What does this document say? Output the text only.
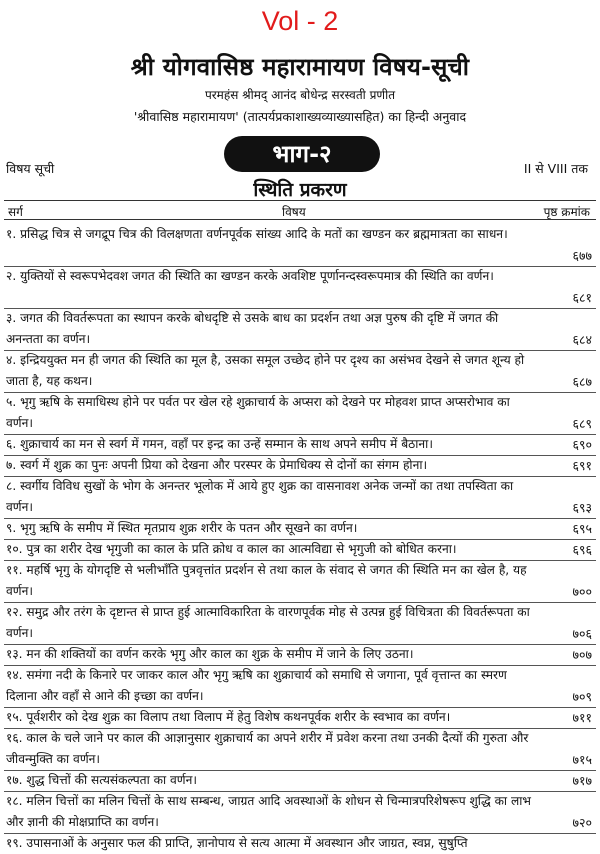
Vol - 2
श्री योगवासिष्ठ महारामायण विषय-सूची
परमहंस श्रीमद् आनंद बोधेन्द्र सरस्वती प्रणीत
'श्रीवासिष्ठ महारामायण' (तात्पर्यप्रकाशाख्यव्याख्यासहित) का हिन्दी अनुवाद
विषय सूची
भाग-२
II से VIII तक
स्थिति प्रकरण
सर्ग	विषय	पृष्ठ क्रमांक
१. प्रसिद्ध चित्र से जगद्रूप चित्र की विलक्षणता वर्णनपूर्वक सांख्य आदि के मतों का खण्डन कर ब्रह्ममात्रता का साधन।
६७७
२. युक्तियों से स्वरूपभेदवश जगत की स्थिति का खण्डन करके अवशिष्ट पूर्णानन्दस्वरूपमात्र की स्थिति का वर्णन।
६८१
३. जगत की विवर्तरूपता का स्थापन करके बोधदृष्टि से उसके बाध का प्रदर्शन तथा अज्ञ पुरुष की दृष्टि में जगत की अनन्तता का वर्णन।	६८४
४. इन्द्रिययुक्त मन ही जगत की स्थिति का मूल है, उसका समूल उच्छेद होने पर दृश्य का असंभव देखने से जगत शून्य हो जाता है, यह कथन।	६८७
५. भृगु ऋषि के समाधिस्थ होने पर पर्वत पर खेल रहे शुक्राचार्य के अप्सरा को देखने पर मोहवश प्राप्त अप्सरोभाव का वर्णन।	६८९
६. शुक्राचार्य का मन से स्वर्ग में गमन, वहाँ पर इन्द्र का उन्हें सम्मान के साथ अपने समीप में बैठाना।	६९०
७. स्वर्ग में शुक्र का पुनः अपनी प्रिया को देखना और परस्पर के प्रेमाधिक्य से दोनों का संगम होना।	६९१
८. स्वर्गीय विविध सुखों के भोग के अनन्तर भूलोक में आये हुए शुक्र का वासनावश अनेक जन्मों का तथा तपस्विता का वर्णन।	६९३
९. भृगु ऋषि के समीप में स्थित मृतप्राय शुक्र शरीर के पतन और सूखने का वर्णन।	६९५
१०. पुत्र का शरीर देख भृगुजी का काल के प्रति क्रोध व काल का आत्मविद्या से भृगुजी को बोधित करना।	६९६
११. महर्षि भृगु के योगदृष्टि से भलीभाँति पुत्रवृत्तांत प्रदर्शन से तथा काल के संवाद से जगत की स्थिति मन का खेल है, यह वर्णन।	७००
१२. समुद्र और तरंग के दृष्टान्त से प्राप्त हुई आत्माविकारिता के वारणपूर्वक मोह से उत्पन्न हुई विचित्रता की विवर्तरूपता का वर्णन।	७०६
१३. मन की शक्तियों का वर्णन करके भृगु और काल का शुक्र के समीप में जाने के लिए उठना।	७०७
१४. समंगा नदी के किनारे पर जाकर काल और भृगु ऋषि का शुक्राचार्य को समाधि से जगाना, पूर्व वृत्तान्त का स्मरण दिलाना और वहाँ से आने की इच्छा का वर्णन।	७०९
१५. पूर्वशरीर को देख शुक्र का विलाप तथा विलाप में हेतु विशेष कथनपूर्वक शरीर के स्वभाव का वर्णन।	७११
१६. काल के चले जाने पर काल की आज्ञानुसार शुक्राचार्य का अपने शरीर में प्रवेश करना तथा उनकी दैत्यों की गुरुता और जीवन्मुक्ति का वर्णन।	७१५
१७. शुद्ध चित्तों की सत्यसंकल्पता का वर्णन।	७१७
१८. मलिन चित्तों का मलिन चित्तों के साथ सम्बन्ध, जाग्रत आदि अवस्थाओं के शोधन से चिन्मात्रपरिशेषरूप शुद्धि का लाभ और ज्ञानी की मोक्षप्राप्ति का वर्णन।	७२०
१९. उपासनाओं के अनुसार फल की प्राप्ति, ज्ञानोपाय से सत्य आत्मा में अवस्थान और जाग्रत, स्वप्न, सुषुप्ति
